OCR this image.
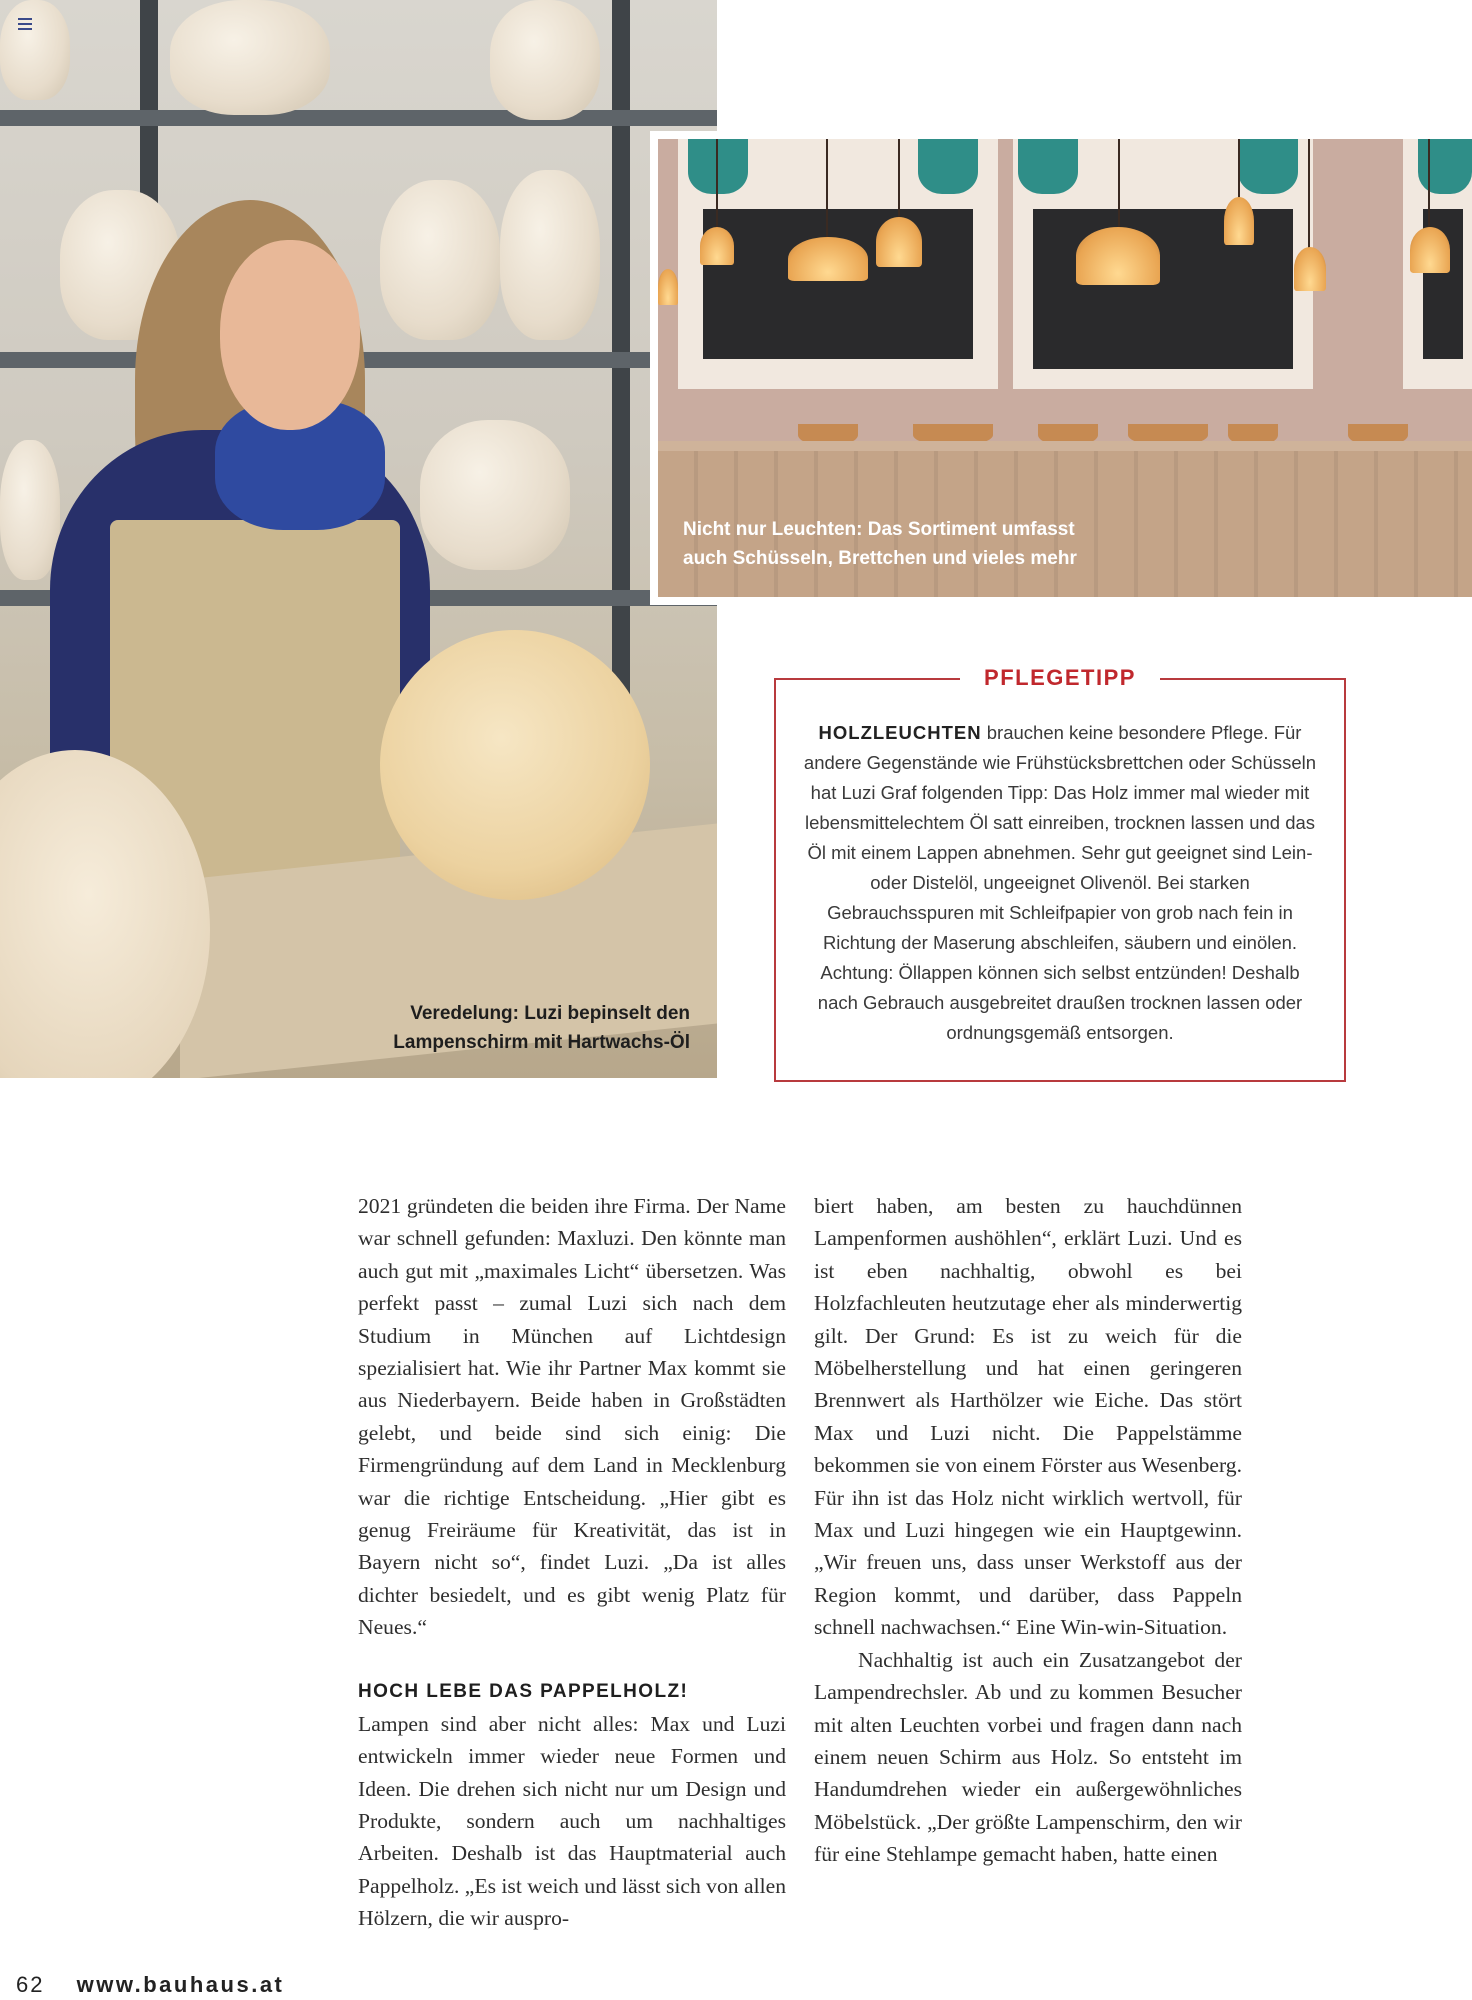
Veredelung: Luzi bepinselt den
Lampenschirm mit Hartwachs-Öl
Nicht nur Leuchten: Das Sortiment umfasst
auch Schüsseln, Brettchen und vieles mehr
PFLEGETIPP
HOLZLEUCHTEN brauchen keine besondere Pflege. Für andere Gegenstände wie Frühstücksbrettchen oder Schüsseln hat Luzi Graf folgenden Tipp: Das Holz immer mal wieder mit lebensmittelechtem Öl satt einreiben, trocknen lassen und das Öl mit einem Lappen abnehmen. Sehr gut geeignet sind Lein- oder Distelöl, ungeeignet Olivenöl. Bei starken Gebrauchsspuren mit Schleifpapier von grob nach fein in Richtung der Maserung abschleifen, säubern und einölen. Achtung: Öllappen können sich selbst entzünden! Deshalb nach Gebrauch ausgebreitet draußen trocknen lassen oder ordnungsgemäß entsorgen.

2021 gründeten die beiden ihre Firma. Der Name war schnell gefunden: Maxluzi. Den könnte man auch gut mit „maximales Licht“ übersetzen. Was perfekt passt – zumal Luzi sich nach dem Studium in München auf Lichtdesign spezialisiert hat. Wie ihr Partner Max kommt sie aus Niederbayern. Beide haben in Großstädten gelebt, und beide sind sich einig: Die Firmengründung auf dem Land in Mecklenburg war die richtige Entscheidung. „Hier gibt es genug Freiräume für Kreativität, das ist in Bayern nicht so“, findet Luzi. „Da ist alles dichter besiedelt, und es gibt wenig Platz für Neues.“

HOCH LEBE DAS PAPPELHOLZ!

Lampen sind aber nicht alles: Max und Luzi entwickeln immer wieder neue Formen und Ideen. Die drehen sich nicht nur um Design und Produkte, sondern auch um nachhaltiges Arbeiten. Deshalb ist das Hauptmaterial auch Pappelholz. „Es ist weich und lässt sich von allen Hölzern, die wir auspro-

biert haben, am besten zu hauchdünnen Lampenformen aushöhlen“, erklärt Luzi. Und es ist eben nachhaltig, obwohl es bei Holzfachleuten heutzutage eher als minderwertig gilt. Der Grund: Es ist zu weich für die Möbelherstellung und hat einen geringeren Brennwert als Harthölzer wie Eiche. Das stört Max und Luzi nicht. Die Pappelstämme bekommen sie von einem Förster aus Wesenberg. Für ihn ist das Holz nicht wirklich wertvoll, für Max und Luzi hingegen wie ein Hauptgewinn. „Wir freuen uns, dass unser Werkstoff aus der Region kommt, und darüber, dass Pappeln schnell nachwachsen.“ Eine Win-win-Situation.

Nachhaltig ist auch ein Zusatzangebot der Lampendrechsler. Ab und zu kommen Besucher mit alten Leuchten vorbei und fragen dann nach einem neuen Schirm aus Holz. So entsteht im Handumdrehen wieder ein außergewöhnliches Möbelstück. „Der größte Lampenschirm, den wir für eine Stehlampe gemacht haben, hatte einen

62 www.bauhaus.at
